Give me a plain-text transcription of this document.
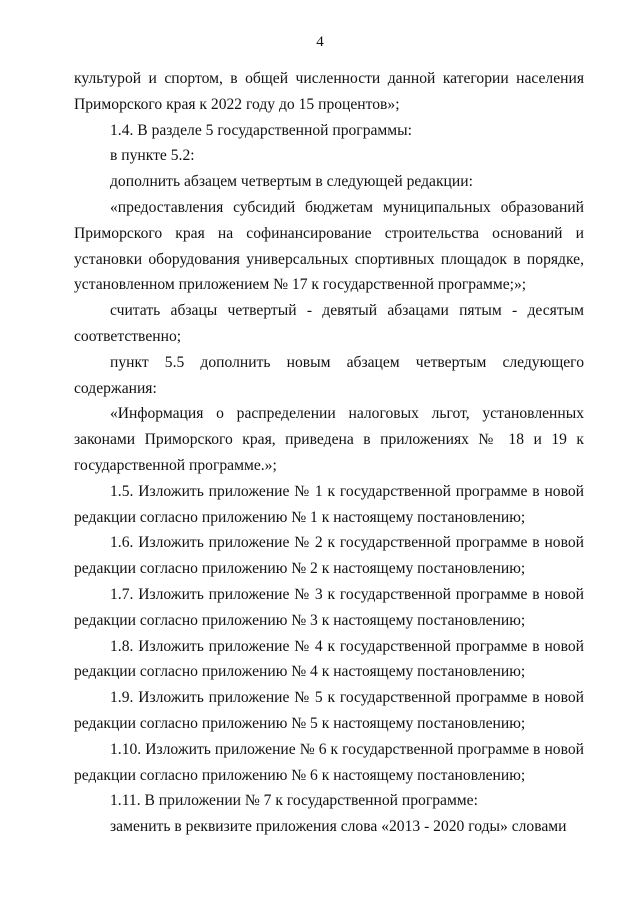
4

культурой и спортом, в общей численности данной категории населения Приморского края к 2022 году до 15 процентов»;

1.4. В разделе 5 государственной программы:

в пункте 5.2:

дополнить абзацем четвертым в следующей редакции:

«предоставления субсидий бюджетам муниципальных образований Приморского края на софинансирование строительства оснований и установки оборудования универсальных спортивных площадок в порядке, установленном приложением № 17 к государственной программе;»;

считать абзацы четвертый - девятый абзацами пятым - десятым соответственно;

пункт 5.5 дополнить новым абзацем четвертым следующего содержания:

«Информация о распределении налоговых льгот, установленных законами Приморского края, приведена в приложениях № 18 и 19 к государственной программе.»;

1.5. Изложить приложение № 1 к государственной программе в новой редакции согласно приложению № 1 к настоящему постановлению;

1.6. Изложить приложение № 2 к государственной программе в новой редакции согласно приложению № 2 к настоящему постановлению;

1.7. Изложить приложение № 3 к государственной программе в новой редакции согласно приложению № 3 к настоящему постановлению;

1.8. Изложить приложение № 4 к государственной программе в новой редакции согласно приложению № 4 к настоящему постановлению;

1.9. Изложить приложение № 5 к государственной программе в новой редакции согласно приложению № 5 к настоящему постановлению;

1.10. Изложить приложение № 6 к государственной программе в новой редакции согласно приложению № 6 к настоящему постановлению;

1.11. В приложении № 7 к государственной программе:

заменить в реквизите приложения слова «2013 - 2020 годы» словами
